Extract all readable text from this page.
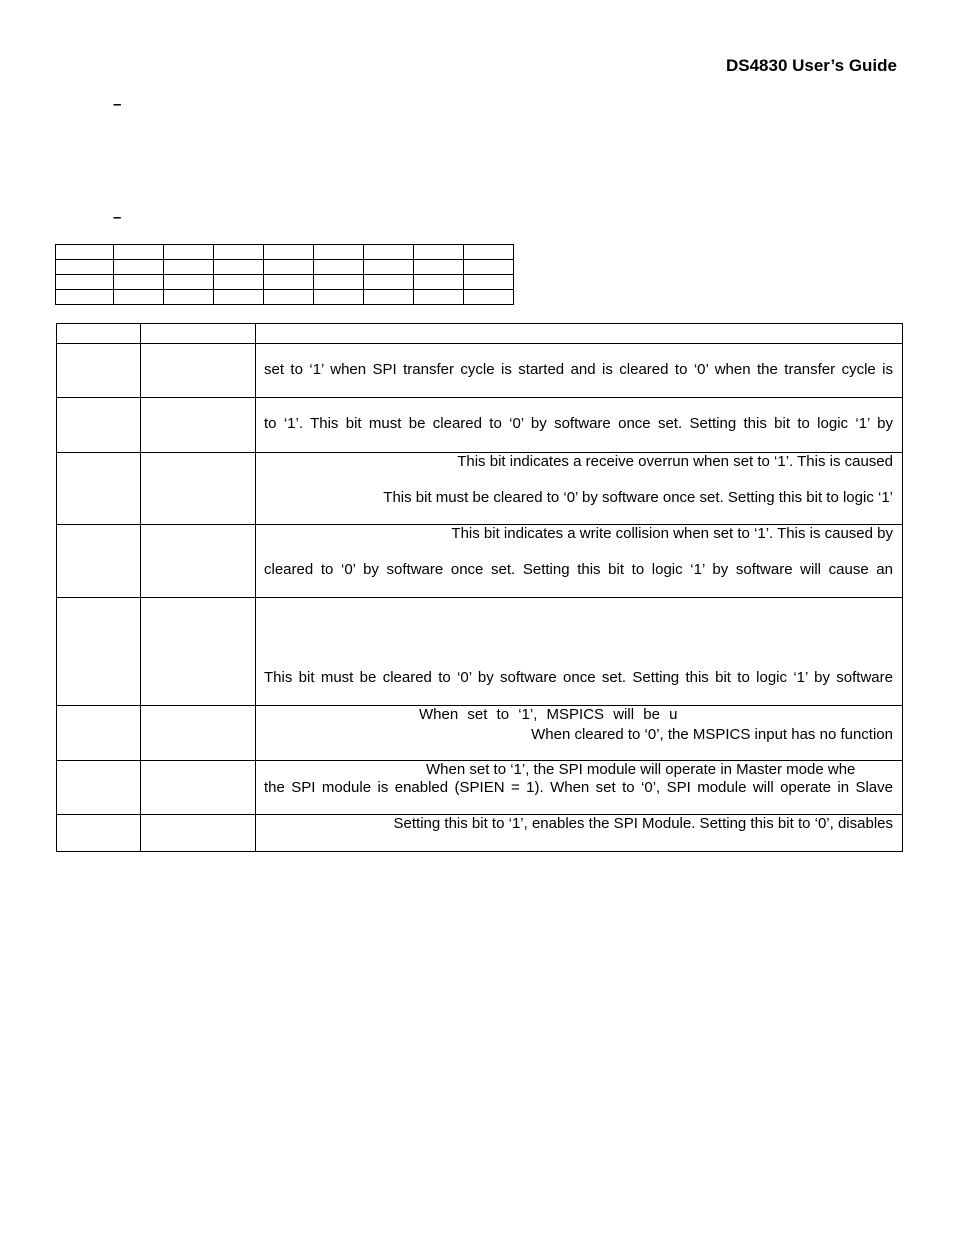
DS4830 User’s Guide
–
–

		set to ‘1’ when SPI transfer cycle is started and is cleared to ‘0’ when the transfer cycle is

		to ‘1’. This bit must be cleared to ‘0’ by software once set. Setting this bit to logic ‘1’ by

		This bit indicates a receive overrun when set to ‘1’. This is caused
This bit must be cleared to ‘0’ by software once set. Setting this bit to logic ‘1’

		This bit indicates a write collision when set to ‘1’. This is caused by
cleared to ‘0’ by software once set. Setting this bit to logic ‘1’ by software will cause an

		This bit must be cleared to ‘0’ by software once set. Setting this bit to logic ‘1’ by software

		When set to ‘1’, MSPICS will be u
When cleared to ‘0’, the MSPICS input has no function

		When set to ‘1’, the SPI module will operate in Master mode whe
the SPI module is enabled (SPIEN = 1). When set to ‘0’, SPI module will operate in Slave

		Setting this bit to ‘1’, enables the SPI Module. Setting this bit to ‘0’, disables
